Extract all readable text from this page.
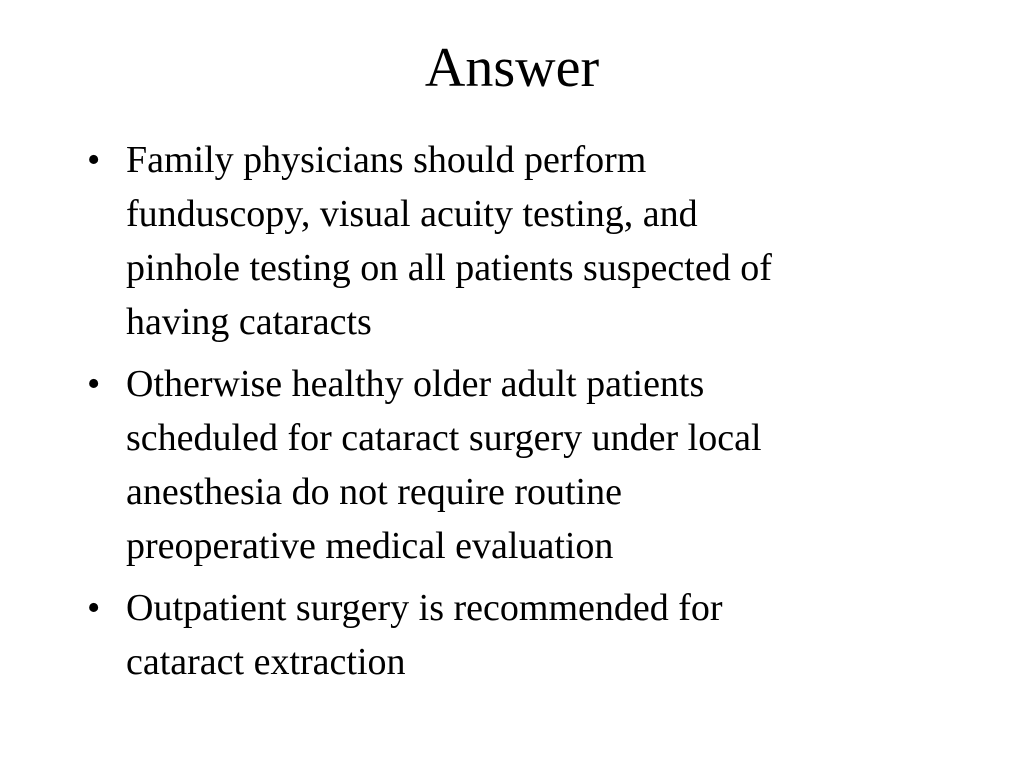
Answer
• Family physicians should perform
funduscopy, visual acuity testing, and
pinhole testing on all patients suspected of
having cataracts
• Otherwise healthy older adult patients
scheduled for cataract surgery under local
anesthesia do not require routine
preoperative medical evaluation
• Outpatient surgery is recommended for
cataract extraction
